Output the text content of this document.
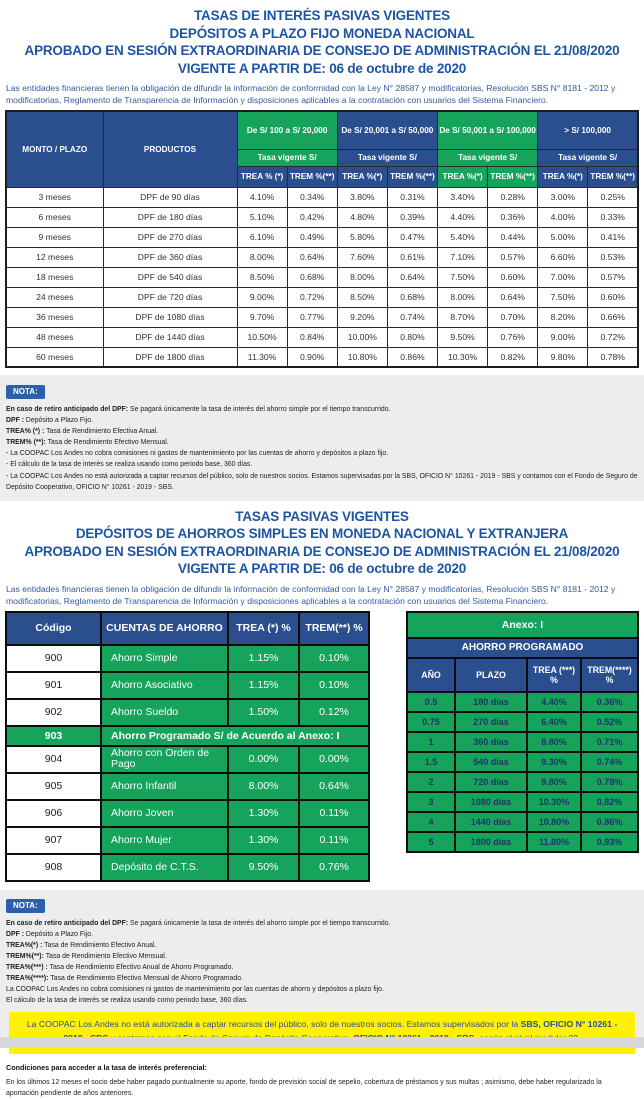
TASAS DE INTERÉS PASIVAS VIGENTES
DEPÓSITOS A PLAZO FIJO MONEDA NACIONAL
APROBADO EN SESIÓN EXTRAORDINARIA DE CONSEJO DE ADMINISTRACIÓN EL 21/08/2020
VIGENTE A PARTIR DE: 06 de octubre de 2020

Las entidades financieras tienen la obligación de difundir la información de conformidad con la Ley N° 28587 y modificatorias, Resolución SBS N° 8181 - 2012 y modificatorias, Reglamento de Transparencia de Información y disposiciones aplicables a la contratación con usuarios del Sistema Financiero.

MONTO / PLAZO	PRODUCTOS	De S/ 100 a S/ 20,000		De S/ 20,001 a S/ 50,000		De S/ 50,001 a S/ 100,000		> S/ 100,000	
		Tasa vigente S/		Tasa vigente S/		Tasa vigente S/		Tasa vigente S/	
		TREA % (*)	TREM %(**)	TREA %(*)	TREM %(**)	TREA %(*)	TREM %(**)	TREA %(*)	TREM %(**)
3 meses	DPF de 90 días	4.10%	0.34%	3.80%	0.31%	3.40%	0.28%	3.00%	0.25%
6 meses	DPF de 180 días	5.10%	0.42%	4.80%	0.39%	4.40%	0.36%	4.00%	0.33%
9 meses	DPF de 270 días	6.10%	0.49%	5.80%	0.47%	5.40%	0.44%	5.00%	0.41%
12 meses	DPF de 360 días	8.00%	0.64%	7.60%	0.61%	7.10%	0.57%	6.60%	0.53%
18 meses	DPF de 540 días	8.50%	0.68%	8.00%	0.64%	7.50%	0.60%	7.00%	0.57%
24 meses	DPF de 720 días	9.00%	0.72%	8.50%	0.68%	8.00%	0.64%	7.50%	0.60%
36 meses	DPF de 1080 días	9.70%	0.77%	9.20%	0.74%	8.70%	0.70%	8.20%	0.66%
48 meses	DPF de 1440 días	10.50%	0.84%	10.00%	0.80%	9.50%	0.76%	9.00%	0.72%
60 meses	DPF de 1800 días	11.30%	0.90%	10.80%	0.86%	10.30%	0.82%	9.80%	0.78%
NOTA:
En caso de retiro anticipado del DPF: Se pagará únicamente la tasa de interés del ahorro simple por el tiempo transcurrido.
DPF : Depósito a Plazo Fijo.
TREA% (*) : Tasa de Rendimiento Efectiva Anual.
TREM% (**): Tasa de Rendimiento Efectivo Mensual.
- La COOPAC Los Andes no cobra comisiones ni gastos de mantenimiento por las cuentas de ahorro y depósitos a plazo fijo.
- El cálculo de la tasa de interés se realiza usando como periodo base, 360 días.
- La COOPAC Los Andes no está autorizada a captar recursos del público, solo de nuestros socios. Estamos supervisadas por la SBS, OFICIO N° 10261 - 2019 - SBS y contamos con el Fondo de Seguro de Depósito Cooperativo, OFICIO N° 10261 - 2019 - SBS.
TASAS PASIVAS VIGENTES
DEPÓSITOS DE AHORROS SIMPLES EN MONEDA NACIONAL Y EXTRANJERA
APROBADO EN SESIÓN EXTRAORDINARIA DE CONSEJO DE ADMINISTRACIÓN EL 21/08/2020
VIGENTE A PARTIR DE: 06 de octubre de 2020

Las entidades financieras tienen la obligación de difundir la información de conformidad con la Ley N° 28587 y modificatorias, Resolución SBS N° 8181 - 2012 y modificatorias, Reglamento de Transparencia de Información y disposiciones aplicables a la contratación con usuarios del Sistema Financiero.

Código	CUENTAS DE AHORRO	TREA (*) %	TREM(**) %
900	Ahorro Simple	1.15%	0.10%
901	Ahorro Asociativo	1.15%	0.10%
902	Ahorro Sueldo	1.50%	0.12%
903	Ahorro Programado S/ de Acuerdo al Anexo: I		
904	Ahorro con Orden de Pago	0.00%	0.00%
905	Ahorro Infantil	8.00%	0.64%
906	Ahorro Joven	1.30%	0.11%
907	Ahorro Mujer	1.30%	0.11%
908	Depósito de C.T.S.	9.50%	0.76%
Anexo: I			
AHORRO PROGRAMADO			
AÑO	PLAZO	TREA (***) %	TREM(****) %
0.5	180 días	4.40%	0.36%
0.75	270 días	6.40%	0.52%
1	360 días	8.80%	0.71%
1.5	540 días	9.30%	0.74%
2	720 días	9.80%	0.78%
3	1080 días	10.30%	0.82%
4	1440 días	10.80%	0.86%
5	1800 días	11.80%	0.93%
NOTA:
En caso de retiro anticipado del DPF: Se pagará únicamente la tasa de interés del ahorro simple por el tiempo transcurrido.
DPF : Depósito a Plazo Fijo.
TREA%(*) : Tasa de Rendimiento Efectivo Anual.
TREM%(**): Tasa de Rendimiento Efectivo Mensual.
TREA%(***) : Tasa de Rendimiento Efectivo Anual de Ahorro Programado.
TREA%(****): Tasa de Rendimiento Efectivo Mensual de Ahorro Programado.
La COOPAC Los Andes no cobra comisiones ni gastos de mantenimiento por las cuentas de ahorro y depósitos a plazo fijo.
El cálculo de la tasa de interés se realiza usando como periodo base, 360 días.
La COOPAC Los Andes no está autorizada a captar recursos del público, solo de nuestros socios. Estamos supervisados por la SBS, OFICIO N° 10261 -
Condiciones para acceder a la tasa de interés preferencial:
En los últimos 12 meses el socio debe haber pagado puntualmente su aporte, fondo de previsión social de sepelio, cobertura de préstamos y sus multas ; asimismo, debe haber regularizado la aportación pendiente de años anteriores.
